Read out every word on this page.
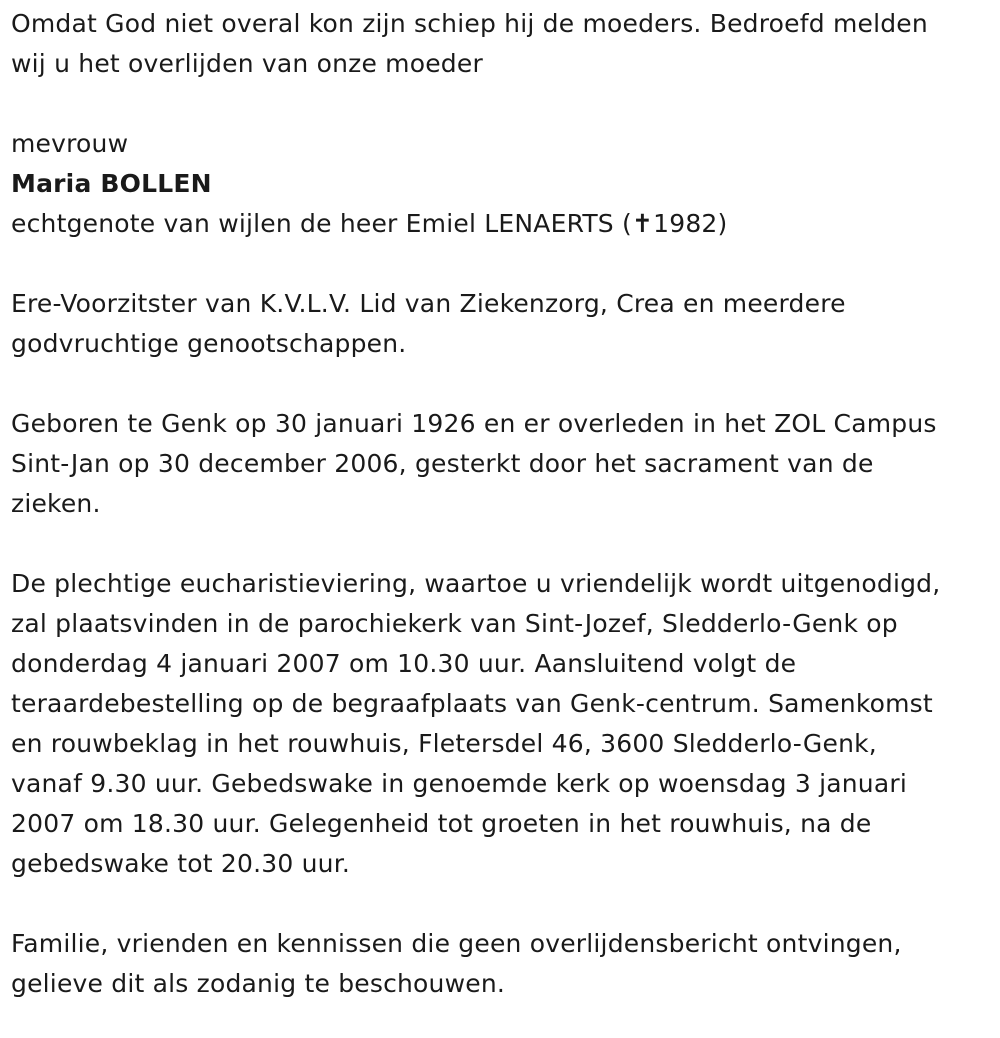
Omdat God niet overal kon zijn schiep hij de moeders. Bedroefd melden
wij u het overlijden van onze moeder

mevrouw

Maria BOLLEN

echtgenote van wijlen de heer Emiel LENAERTS (✝1982)

Ere-Voorzitster van K.V.L.V. Lid van Ziekenzorg, Crea en meerdere
godvruchtige genootschappen.

Geboren te Genk op 30 januari 1926 en er overleden in het ZOL Campus
Sint-Jan op 30 december 2006, gesterkt door het sacrament van de
zieken.

De plechtige eucharistieviering, waartoe u vriendelijk wordt uitgenodigd,
zal plaatsvinden in de parochiekerk van Sint-Jozef, Sledderlo-Genk op
donderdag 4 januari 2007 om 10.30 uur. Aansluitend volgt de
teraardebestelling op de begraafplaats van Genk-centrum. Samenkomst
en rouwbeklag in het rouwhuis, Fletersdel 46, 3600 Sledderlo-Genk,
vanaf 9.30 uur. Gebedswake in genoemde kerk op woensdag 3 januari
2007 om 18.30 uur. Gelegenheid tot groeten in het rouwhuis, na de
gebedswake tot 20.30 uur.

Familie, vrienden en kennissen die geen overlijdensbericht ontvingen,
gelieve dit als zodanig te beschouwen.
